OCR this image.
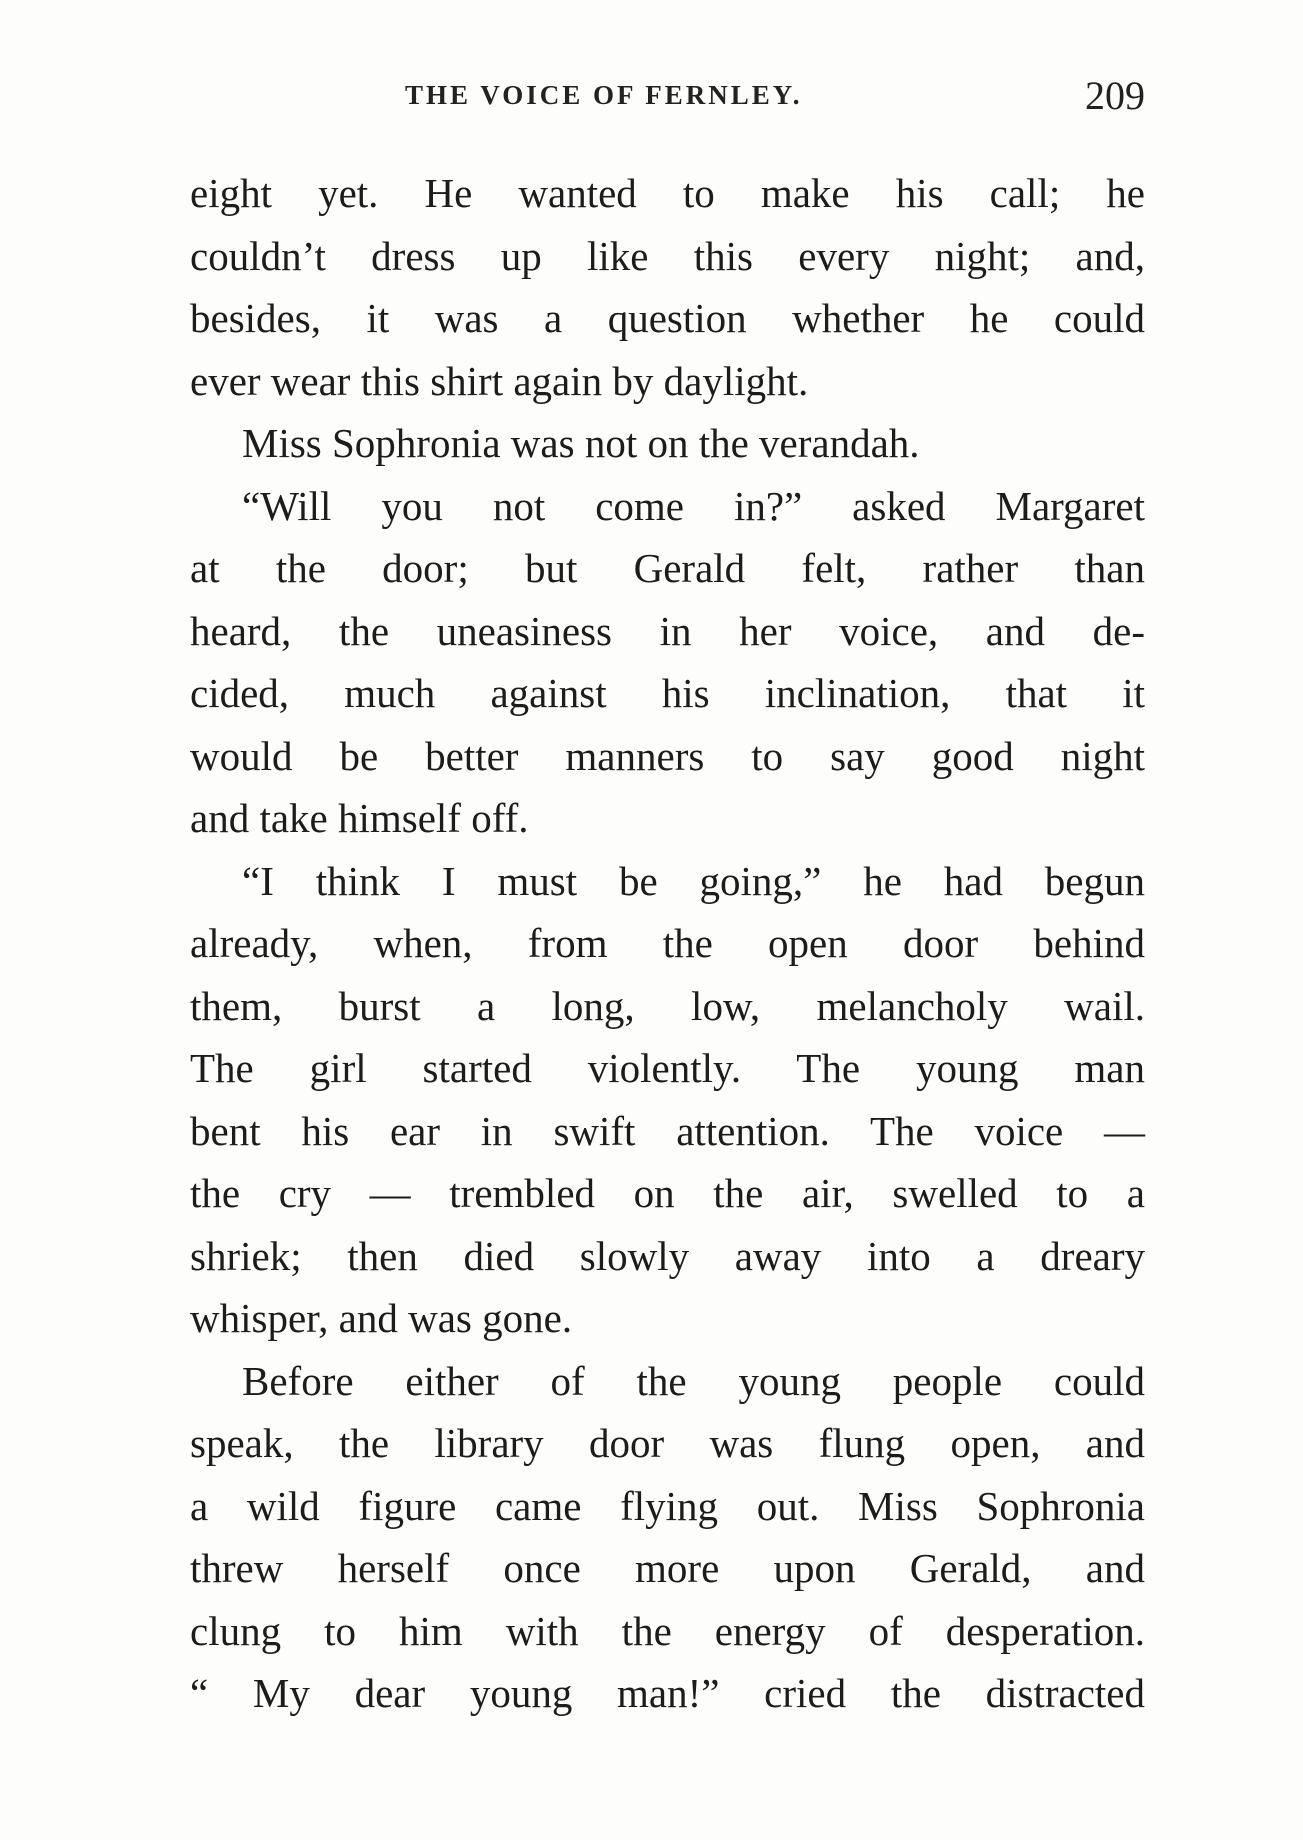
THE VOICE OF FERNLEY.	209
eight yet. He wanted to make his call; he
couldn’t dress up like this every night; and,
besides, it was a question whether he could
ever wear this shirt again by daylight.
Miss Sophronia was not on the verandah.
“Will you not come in?” asked Margaret
at the door; but Gerald felt, rather than
heard, the uneasiness in her voice, and de-
cided, much against his inclination, that it
would be better manners to say good night
and take himself off.
“I think I must be going,” he had begun
already, when, from the open door behind
them, burst a long, low, melancholy wail.
The girl started violently. The young man
bent his ear in swift attention. The voice —
the cry — trembled on the air, swelled to a
shriek; then died slowly away into a dreary
whisper, and was gone.
Before either of the young people could
speak, the library door was flung open, and
a wild figure came flying out. Miss Sophronia
threw herself once more upon Gerald, and
clung to him with the energy of desperation.
“ My dear young man!” cried the distracted
